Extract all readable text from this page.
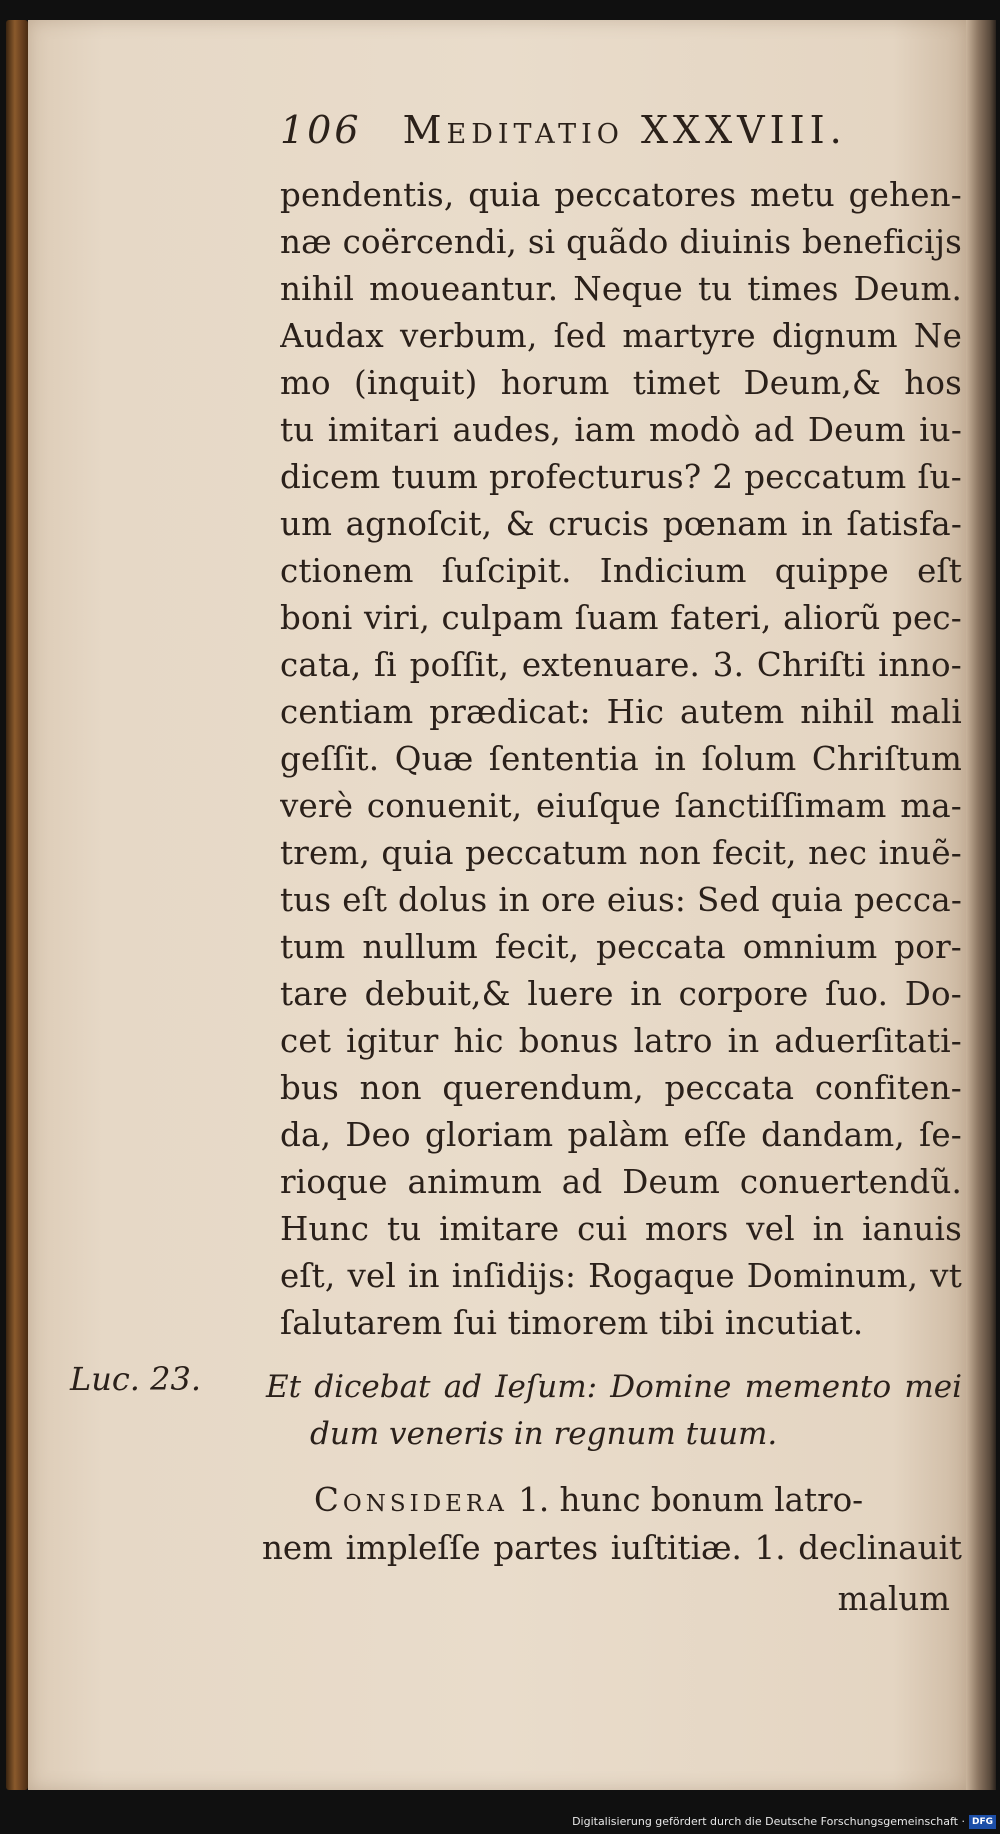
106 Meditatio XXXVIII.
pendentis, quia peccatores metu gehen-
næ coërcendi, si quãdo diuinis beneficijs
nihil moueantur. Neque tu times Deum.
Audax verbum, ſed martyre dignum Ne
mo (inquit) horum timet Deum,& hos
tu imitari audes, iam modò ad Deum iu-
dicem tuum profecturus? 2 peccatum ſu-
um agnoſcit, & crucis pœnam in ſatisfa-
ctionem ſuſcipit. Indicium quippe eſt
boni viri, culpam ſuam fateri, aliorũ pec-
cata, ſi poſſit, extenuare. 3. Chriſti inno-
centiam prædicat: Hic autem nihil mali
geſſit. Quæ ſententia in ſolum Chriſtum
verè conuenit, eiuſque ſanctiſſimam ma-
trem, quia peccatum non fecit, nec inuẽ-
tus eſt dolus in ore eius: Sed quia pecca-
tum nullum fecit, peccata omnium por-
tare debuit,& luere in corpore ſuo. Do-
cet igitur hic bonus latro in aduerſitati-
bus non querendum, peccata confiten-
da, Deo gloriam palàm eſſe dandam, ſe-
rioque animum ad Deum conuertendũ.
Hunc tu imitare cui mors vel in ianuis
eſt, vel in inſidijs: Rogaque Dominum, vt
ſalutarem ſui timorem tibi incutiat.
Luc. 23.	Et dicebat ad Ieſum: Domine memento mei
dum veneris in regnum tuum.
Considera 1. hunc bonum latro-
nem impleſſe partes iuſtitiæ. 1. declinauit
malum
Digitalisierung gefördert durch die Deutsche Forschungsgemeinschaft · DFG
